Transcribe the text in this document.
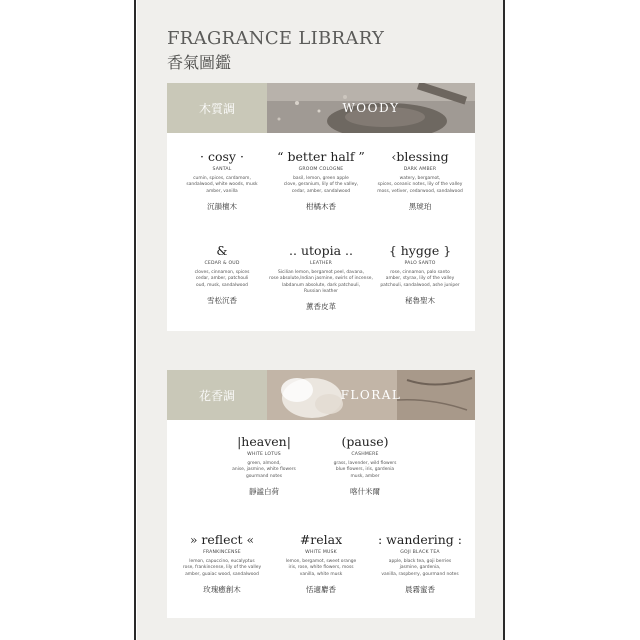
FRAGRANCE LIBRARY
香氣圖鑑
木質調	WOODY
· cosy ·
SANTAL
cumin, spices, cardamom,
sandalwood, white woods, musk
amber, vanilla
沉韻檀木
“ better half ”
GROOM COLOGNE
basil, lemon, green apple
clove, geranium, lily of the valley,
cedar, amber, sandalwood
柑橘木香
‹blessing
DARK AMBER
watery, bergamot,
spices, oceanic notes, lily of the valley
moss, vetiver, cedarwood, sandalwood
黑琥珀
&
CEDAR & OUD
cloves, cinnamon, spices
cedar, amber, patchouli
oud, musk, sandalwood
雪松沉香
.. utopia ..
LEATHER
Sicilian lemon, bergamot peel, davana,
rose absolute,Indian jasmine, swirls of incense,
labdanum absolute, dark patchouli,
Russian leather
薰香皮革
{ hygge }
PALO SANTO
rose, cinnamon, palo santo
amber, styrax, lily of the valley
patchouli, sandalwood, ashe juniper
秘魯聖木
花香調	FLORAL
|heaven|
WHITE LOTUS
green, almond,
anise, jasmine, white flowers
gourmand notes
靜謐白荷
(pause)
CASHMERE
grass, lavender, wild flowers
blue flowers, iris, gardenia
musk, amber
喀什米爾
» reflect «
FRANKINCENSE
lemon, capuccino, eucalyptus
rose, frankincense, lily of the valley
amber, guaiac wood, sandalwood
玫瑰癒創木
#relax
WHITE MUSK
lemon, bergamot, sweet orange
iris, rose, white flowers, moss
vanilla, white musk
恬適麝香
: wandering :
GOJI BLACK TEA
apple, black tea, goji berries
jasmine, gardenia,
vanilla, raspberry, gourmand notes
晨霧蜜香
